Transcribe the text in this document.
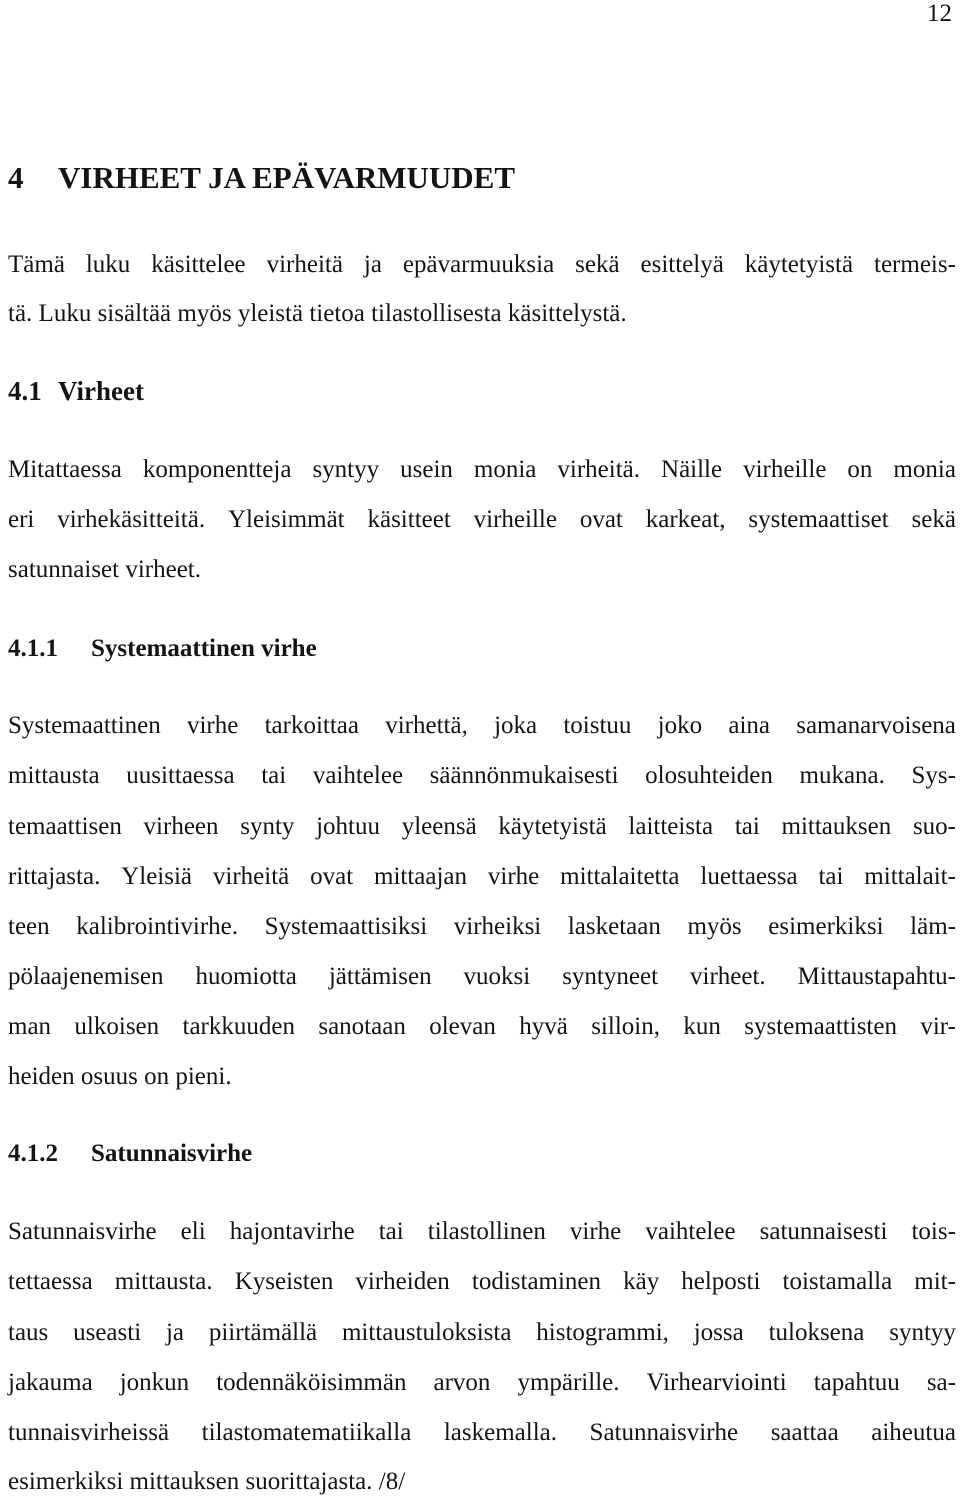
12
4 VIRHEET JA EPÄVARMUUDET
Tämä luku käsittelee virheitä ja epävarmuuksia sekä esittelyä käytetyistä termeis-
tä. Luku sisältää myös yleistä tietoa tilastollisesta käsittelystä.
4.1 Virheet
Mitattaessa komponentteja syntyy usein monia virheitä. Näille virheille on monia
eri virhekäsitteitä. Yleisimmät käsitteet virheille ovat karkeat, systemaattiset sekä
satunnaiset virheet.
4.1.1 Systemaattinen virhe
Systemaattinen virhe tarkoittaa virhettä, joka toistuu joko aina samanarvoisena
mittausta uusittaessa tai vaihtelee säännönmukaisesti olosuhteiden mukana. Sys-
temaattisen virheen synty johtuu yleensä käytetyistä laitteista tai mittauksen suo-
rittajasta. Yleisiä virheitä ovat mittaajan virhe mittalaitetta luettaessa tai mittalait-
teen kalibrointivirhe. Systemaattisiksi virheiksi lasketaan myös esimerkiksi läm-
pölaajenemisen huomiotta jättämisen vuoksi syntyneet virheet. Mittaustapahtu-
man ulkoisen tarkkuuden sanotaan olevan hyvä silloin, kun systemaattisten vir-
heiden osuus on pieni.
4.1.2 Satunnaisvirhe
Satunnaisvirhe eli hajontavirhe tai tilastollinen virhe vaihtelee satunnaisesti tois-
tettaessa mittausta. Kyseisten virheiden todistaminen käy helposti toistamalla mit-
taus useasti ja piirtämällä mittaustuloksista histogrammi, jossa tuloksena syntyy
jakauma jonkun todennäköisimmän arvon ympärille. Virhearviointi tapahtuu sa-
tunnaisvirheissä tilastomatematiikalla laskemalla. Satunnaisvirhe saattaa aiheutua
esimerkiksi mittauksen suorittajasta. /8/
